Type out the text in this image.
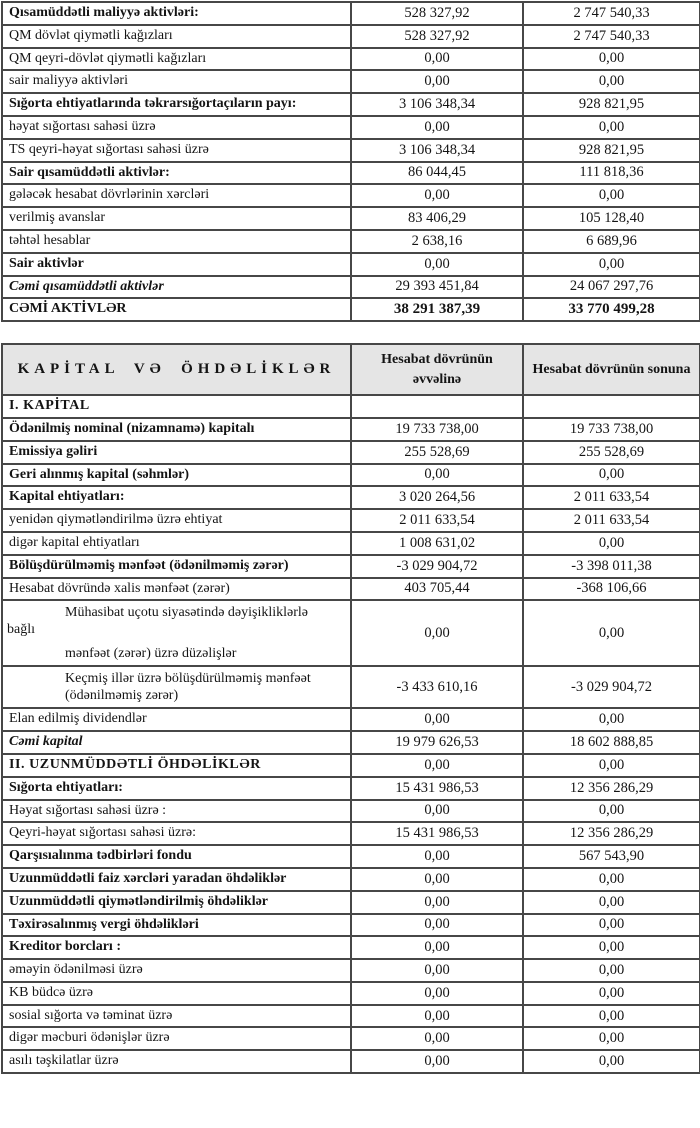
Qısamüddətli maliyyə aktivləri:	528 327,92	2 747 540,33
QM dövlət qiymətli kağızları	528 327,92	2 747 540,33
QM qeyri-dövlət qiymətli kağızları	0,00	0,00
sair maliyyə aktivləri	0,00	0,00
Sığorta ehtiyatlarında təkrarsığortaçıların payı:	3 106 348,34	928 821,95
həyat sığortası sahəsi üzrə	0,00	0,00
TS qeyri-həyat sığortası sahəsi üzrə	3 106 348,34	928 821,95
Sair qısamüddətli aktivlər:	86 044,45	111 818,36
gələcək hesabat dövrlərinin xərcləri	0,00	0,00
verilmiş avanslar	83 406,29	105 128,40
təhtəl hesablar	2 638,16	6 689,96
Sair aktivlər	0,00	0,00
Cəmi qısamüddətli aktivlər	29 393 451,84	24 067 297,76
CƏMİ AKTİVLƏR	38 291 387,39	33 770 499,28
KAPİTAL VƏ ÖHDƏLİKLƏR	Hesabat dövrünün əvvəlinə	Hesabat dövrünün sonuna
I. KAPİTAL		
Ödənilmiş nominal (nizamnamə) kapitalı	19 733 738,00	19 733 738,00
Emissiya gəliri	255 528,69	255 528,69
Geri alınmış kapital (səhmlər)	0,00	0,00
Kapital ehtiyatları:	3 020 264,56	2 011 633,54
yenidən qiymətləndirilmə üzrə ehtiyat	2 011 633,54	2 011 633,54
digər kapital ehtiyatları	1 008 631,02	0,00
Bölüşdürülməmiş mənfəət (ödənilməmiş zərər)	-3 029 904,72	-3 398 011,38
Hesabat dövründə xalis mənfəət (zərər)	403 705,44	-368 106,66

Mühasibat uçotu siyasətində dəyişikliklərlə
bağlı
mənfəət (zərər) üzrə düzəlişlər	0,00	0,00

Keçmiş illər üzrə bölüşdürülməmiş mənfəət
(ödənilməmiş zərər)	-3 433 610,16	-3 029 904,72
Elan edilmiş dividendlər	0,00	0,00
Cəmi kapital	19 979 626,53	18 602 888,85
II. UZUNMÜDDƏTLİ ÖHDƏLİKLƏR	0,00	0,00
Sığorta ehtiyatları:	15 431 986,53	12 356 286,29
Həyat sığortası sahəsi üzrə :	0,00	0,00
Qeyri-həyat sığortası sahəsi üzrə:	15 431 986,53	12 356 286,29
Qarşısıalınma tədbirləri fondu	0,00	567 543,90
Uzunmüddətli faiz xərcləri yaradan öhdəliklər	0,00	0,00
Uzunmüddətli qiymətləndirilmiş öhdəliklər	0,00	0,00
Təxirəsalınmış vergi öhdəlikləri	0,00	0,00
Kreditor borcları :	0,00	0,00
əməyin ödənilməsi üzrə	0,00	0,00
KB büdcə üzrə	0,00	0,00
sosial sığorta və təminat üzrə	0,00	0,00
digər məcburi ödənişlər üzrə	0,00	0,00
asılı təşkilatlar üzrə	0,00	0,00
